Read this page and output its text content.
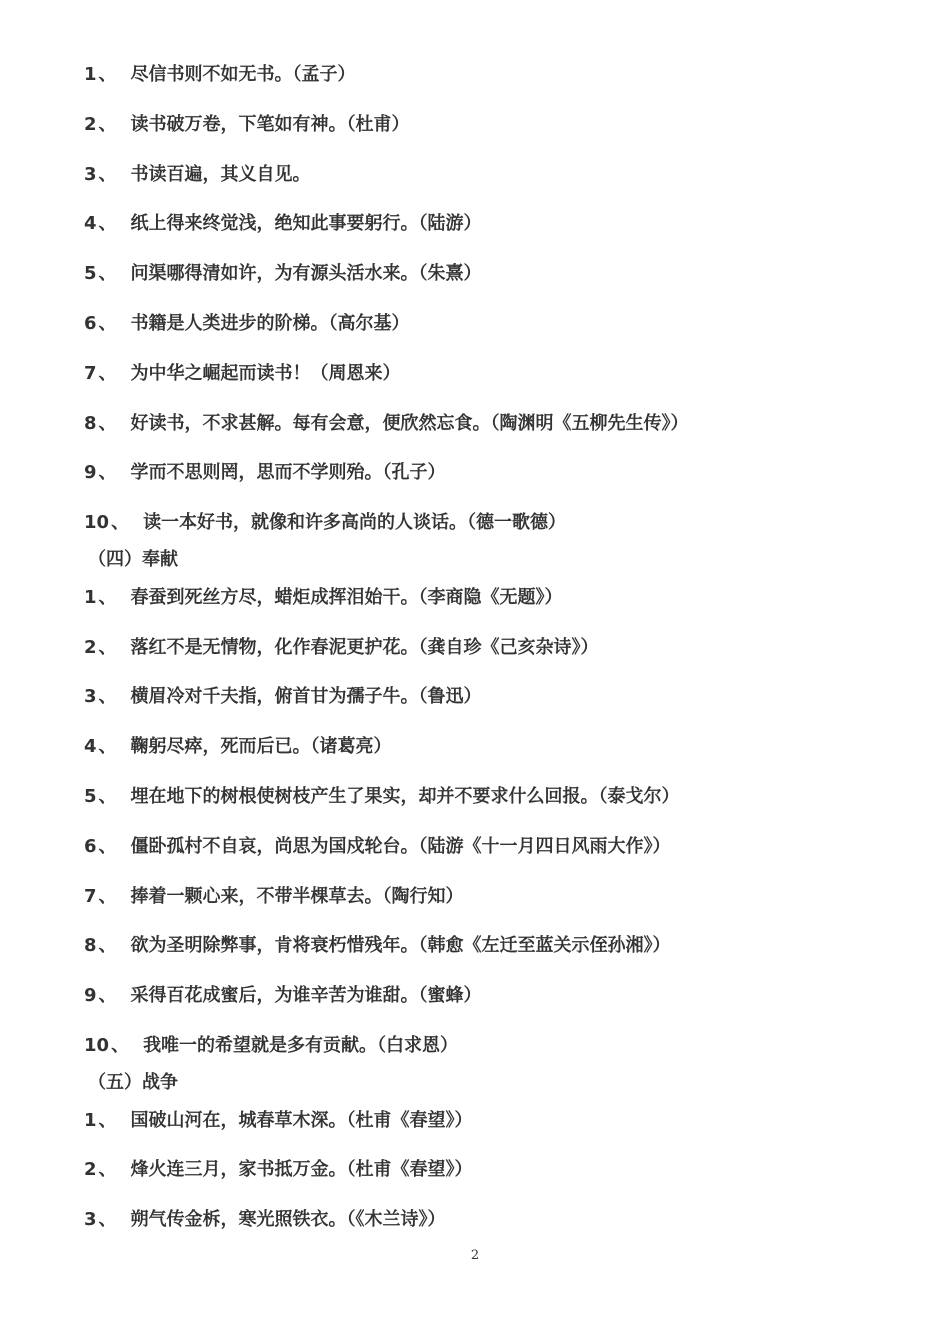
1 、 尽信书则不如无书。（孟子）
2 、 读书破万卷，下笔如有神。（杜甫）
3 、 书读百遍，其义自见。
4 、 纸上得来终觉浅，绝知此事要躬行。（陆游）
5 、 问渠哪得清如许，为有源头活水来。（朱熹）
6 、 书籍是人类进步的阶梯。（高尔基）
7 、 为中华之崛起而读书！（周恩来）
8 、 好读书，不求甚解。每有会意，便欣然忘食。（陶渊明《五柳先生传》）
9 、 学而不思则罔，思而不学则殆。（孔子）
10 、 读一本好书，就像和许多高尚的人谈话。（德一歌德）
（四）奉献
1 、 春蚕到死丝方尽，蜡炬成挥泪始干。（李商隐《无题》）
2 、 落红不是无情物，化作春泥更护花。（龚自珍《己亥杂诗》）
3 、 横眉冷对千夫指，俯首甘为孺子牛。（鲁迅）
4 、 鞠躬尽瘁，死而后已。（诸葛亮）
5 、 埋在地下的树根使树枝产生了果实，却并不要求什么回报。（泰戈尔）
6 、 僵卧孤村不自哀，尚思为国戍轮台。（陆游《十一月四日风雨大作》）
7 、 捧着一颗心来，不带半棵草去。（陶行知）
8 、 欲为圣明除弊事，肯将衰朽惜残年。（韩愈《左迁至蓝关示侄孙湘》）
9 、 采得百花成蜜后，为谁辛苦为谁甜。（蜜蜂）
10 、 我唯一的希望就是多有贡献。（白求恩）
（五）战争
1 、 国破山河在，城春草木深。（杜甫《春望》）
2 、 烽火连三月，家书抵万金。（杜甫《春望》）
3 、 朔气传金柝，寒光照铁衣。（《木兰诗》）
2
